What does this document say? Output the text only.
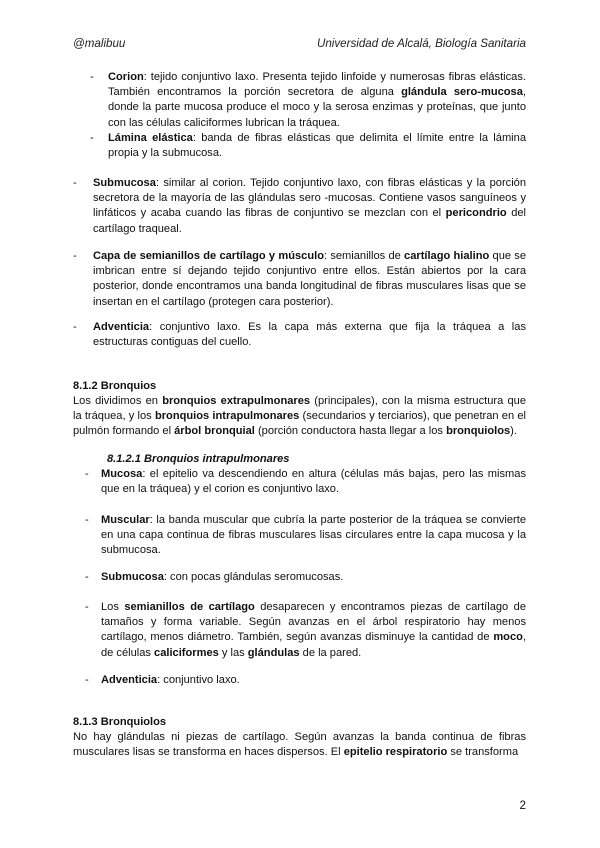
@malibuu	Universidad de Alcalá, Biología Sanitaria
- Corion: tejido conjuntivo laxo. Presenta tejido linfoide y numerosas fibras elásticas. También encontramos la porción secretora de alguna glándula sero-mucosa, donde la parte mucosa produce el moco y la serosa enzimas y proteínas, que junto con las células caliciformes lubrican la tráquea.
- Lámina elástica: banda de fibras elásticas que delimita el límite entre la lámina propia y la submucosa.
- Submucosa: similar al corion. Tejido conjuntivo laxo, con fibras elásticas y la porción secretora de la mayoría de las glándulas sero -mucosas. Contiene vasos sanguíneos y linfáticos y acaba cuando las fibras de conjuntivo se mezclan con el pericondrio del cartílago traqueal.
- Capa de semianillos de cartílago y músculo: semianillos de cartílago hialino que se imbrican entre sí dejando tejido conjuntivo entre ellos. Están abiertos por la cara posterior, donde encontramos una banda longitudinal de fibras musculares lisas que se insertan en el cartílago (protegen cara posterior).
- Adventicia: conjuntivo laxo. Es la capa más externa que fija la tráquea a las estructuras contiguas del cuello.
8.1.2 Bronquios
Los dividimos en bronquios extrapulmonares (principales), con la misma estructura que la tráquea, y los bronquios intrapulmonares (secundarios y terciarios), que penetran en el pulmón formando el árbol bronquial (porción conductora hasta llegar a los bronquiolos).
8.1.2.1 Bronquios intrapulmonares
- Mucosa: el epitelio va descendiendo en altura (células más bajas, pero las mismas que en la tráquea) y el corion es conjuntivo laxo.
- Muscular: la banda muscular que cubría la parte posterior de la tráquea se convierte en una capa continua de fibras musculares lisas circulares entre la capa mucosa y la submucosa.
- Submucosa: con pocas glándulas seromucosas.
- Los semianillos de cartílago desaparecen y encontramos piezas de cartílago de tamaños y forma variable. Según avanzas en el árbol respiratorio hay menos cartílago, menos diámetro. También, según avanzas disminuye la cantidad de moco, de células caliciformes y las glándulas de la pared.
- Adventicia: conjuntivo laxo.
8.1.3 Bronquiolos
No hay glándulas ni piezas de cartílago. Según avanzas la banda continua de fibras musculares lisas se transforma en haces dispersos. El epitelio respiratorio se transforma
2
